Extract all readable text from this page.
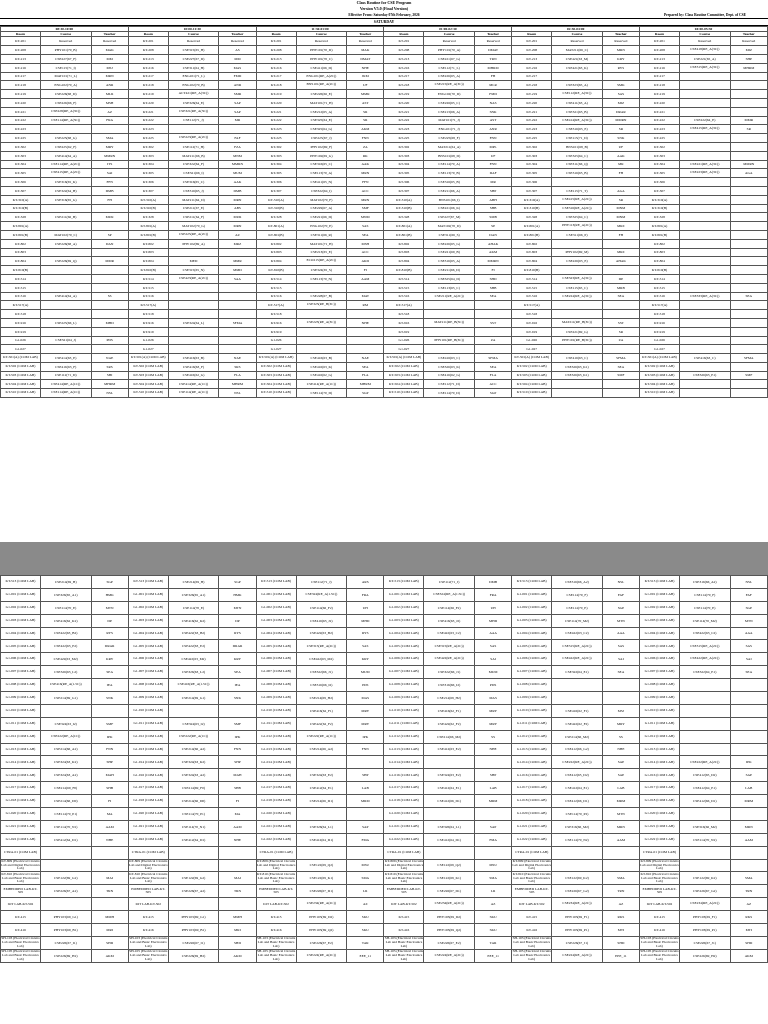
Class Routine for CSE Program
Version V5.0 (Final Version)
Effective From: Saturday 07th February, 2026	Prepared by: Class Routine Committee, Dept. of CSE
SATURDAY
08:30-10:00			10:00-11:30			11:30-01:00			01:00-02:30			02:30-04:00			04:00-05:30		
Room	Course	Teacher	Room	Course	Teacher	Room	Course	Teacher	Room	Course	Teacher	Room	Course	Teacher	Room	Course	Teacher
KT-201	Reserved	Reserved	KT-201	Reserved	Reserved	KT-201	Reserved	Reserved	KT-201	Reserved	Reserved	KT-201	Reserved	Reserved	KT-201	Reserved	Reserved
KT-208	PHY101(70_B)	MAK	KT-208	CSE315(65_H)	AS	KT-208	PHY101(70_D)	MAK	KT-208	PHY101(70_A)	DMAT	KT-208	MAT211(66_C)	MRN	KT-208	CSE418(RE_A(3C))	MIZ
KT-213	CSE227(67_F)	MM	KT-213	CSE227(67_D)	MM	KT-213	PHY101(70_C)	DMAT	KT-213	CSE221(67_G)	TRN	KT-213	CSE421(63_M)	KRY	KT-213	CSE221(65_A)	SHP
KT-216	CSE115(71_I)	MSJ	KT-216	CSE311(64_H)	MAS	KT-216	CSE411(66_D)	NHE	KT-216	CSE112(71_L)	MHRM	KT-216	CSE421(63_K)	RYS	KT-216	CSE315(RE_A(3C))	MHRM
KT-217	MAT101(71_L)	MRN	KT-217	ENG101(71_L)	FMD	KT-217	ENG101(RE_A(2C))	JRM	KT-217	CSE226(65_A)	FH	KT-217			KT-217		
KT-218	ENG102(70_A)	ANR	KT-218	ENG102(70_B)	ANR	KT-218	BNS101(RE_A(2C))	UF	KT-218	CSE215(RE_A(3C))	MLR	KT-218	CSE323(65_A)	SMK	KT-218		
KT-219	CSE226(68_D)	MLR	KT-219	ACT421(RE_A(3C))	SMR	KT-219	CSE226(66_E)	MMR	KT-219	ENG102(70_D)	FMD	KT-219	CSE112(RE_A(3C))	SAS	KT-219		
KT-220	CSE226(66_F)	MSH	KT-220	CSE326(64_E)	SAP	KT-220	MAT101(71_H)	AST	KT-220	CSE226(65_C)	NAS	KT-220	CSE411(63_A)	MIZ	KT-220		
KT-221	CSE228(RE_A(3C))	AZ	KT-221	CSE321(RE_A(3C))	SAP	KT-221	CSE212(65_A)	SR	KT-221	CSE213(66_A)	SNK	KT-221	CSE321(65_B)	DRAR	KT-221		
KT-222	CSE114(RE_A(3C))	FRA	KT-222	CSE112(71_J)	MR	KT-222	CSE325(64_E)	SR	KT-222	MAT101(71_J)	AST	KT-222	CSE414(RE_A(3C))	MMRN	KT-222	CSE222(64_E)	MMR
KT-223			KT-223			KT-223	CSE325(64_G)	AKM	KT-223	ENG101(71_J)	ANR	KT-223	CSE316(65_E)	SR	KT-223	CSE415(RE_A(3C))	SR
KT-225	CSE225(68_G)	SMA	KT-225	CSE223(RE_A(2C))	FAF	KT-225	CSE225(67_J)	FNN	KT-225	CSE225(68_F)	FNN	KT-225	CSE115(71_D)	SNK	KT-225		
KT-302	CSE225(62_F)	MRY	KT-302	CSE112(71_H)	FZA	KT-302	PHY102(69_F)	ZA	KT-302	MAT211(64_A)	MPL	KT-302	BNS101(68_B)	UF	KT-302		
KT-303	CSE414(64_A)	MMRN	KT-303	MAT211(66_B)	MNM	KT-303	PHY102(69_G)	RK	KT-303	BNS101(68_D)	UF	KT-303	CSE325(64_C)	AAK	KT-303		
KT-304	CSE114(RE_A(2C))	ITS	KT-304	CSE322(64_F)	MMRN	KT-304	CSE316(65_C)	AAK	KT-304	CSE114(70_A)	FNN	KT-304	CSE311(66_Q)	MR	KT-304	CSE221(RE_A(3C))	MMRN
KT-305	CSE415(RE_A(2C))	SAI	KT-305	CSE321(66_I)	MUM	KT-305	CSE113(70_A)	MRN	KT-305	CSE113(70_B)	DAF	KT-305	CSE316(65_B)	FH	KT-305	CSE223(RE_A(3C))	AGA
KT-306	CSE316(65_K)	FFN	KT-306	CSE316(65_C)	AAK	KT-306	CSE411(65_N)	FFN	KT-306	CSE316(65_B)	MR	KT-306			KT-306		
KT-307	CSE322(64_H)	DMB	KT-307	CSE316(65_J)	DMB	KT-307	CSE322(64_I)	ACC	KT-307	CSE211(66_A)	SHP	KT-307	CSE115(71_T)	AGA	KT-307		
KT-310(A)	CSE316(65_G)	FH	KT-310(A)	MAT211(64_D)	MRN	KT-310(A)	MAT102(70_F)	MRN	KT-310(A)	BNS101(66_I)	ABH	KT-310(A)	CSE415(RE_A(2C))	SR	KT-310(A)		
KT-310(B)			KT-310(B)	CSE211(67_E)	ABS	KT-310(B)	CSE229(67_A)	SMF	KT-310(B)	CSE221(66_K)	SHB	KT-310(B)	CSE316(RE_A(2C))	MNM	KT-310(B)		
KT-328	CSE211(66_B)	MUR	KT-328	CSE211(64_F)	MUR	KT-328	CSE221(66_D)	MNM	KT-328	CSE227(67_M)	SMB	KT-328	CSE325(64_C)	MNM	KT-328		
KT-801(A)			KT-801(A)	MAT102(70_G)	MRN	KT-801(A)	ENG102(70_E)	SAS	KT-801(A)	MAT102(70_D)	SP	KT-801(A)	PHY113(RE_A(2C))	MRZ	KT-801(A)		
KT-801(B)	MAT102(70_C)	SP	KT-801(B)	CSE225(RE_A(2C))	AZ	KT-801(B)	CSE311(66_R)	SEA	KT-801(B)	CSE311(66_S)	DAN	KT-801(B)	CSE311(66_P)	FH	KT-801(B)		
KT-802	CSE226(68_A)	DAN	KT-802	PHY102(69_A)	MRZ	KT-802	MAT101(71_H)	MSH	KT-802	CSE226(65_G)	AHAK	KT-802			KT-802		
KT-803			KT-803			KT-803	CSE213(65_E)	ACC	KT-803	CSE221(69_B)	AKM	KT-803	PHY102(69_M)	MRZ	KT-803		
KT-804	CSE226(69_Q)	MMR	KT-804	MED	MMR	KT-804	ECO215(RE_A(2C))	AKD	KT-804	CSE316(65_A)	MMRN	KT-804	CSE226(65_E)	AHAK	KT-804		
KT-810(B)			KT-810(B)	CSE315(65_N)	MMD	KT-810(B)	CSE324(65_S)	FI	KT-810(B)	CSE211(66_D)	FI	KT-810(B)			KT-810(B)		
KT-514			KT-514	CSE423(RE_A(2C))	SAA	KT-514	CSE113(70_N)	AAM	KT-514	CSE325(64_D)	SHD	KT-514	CSE323(RE_A(3C))	DP	KT-514		
KT-515			KT-515			KT-515			KT-515	CSE113(65_C)	SHB	KT-515	CSE115(65_C)	MRB	KT-515		
KT-516	CSE414(64_A)	SS	KT-516			KT-516	CSE228(67_B)	MAT	KT-516	CSE211(RE_A(2C))	SEA	KT-516	CSE224(RE_A(3C))	SEA	KT-516	CSE333(RE_A(3C))	SEA
KT-517(A)			KT-517(A)			KT-517(A)	CSE325(RE_B(3C))	RM	KT-517(A)			KT-517(A)			KT-517(A)		
KT-518			KT-518			KT-518			KT-518			KT-518			KT-518		
KT-916	CSE225(66_L)	MHD	KT-916	CSE324(64_L)	SFMA	KT-916	CSE223(RE_A(3C))	NHE	KT-916	MAT211(RE_B(3C))	SST	KT-916	MAT211(RE_B(3C))	SST	KT-916		
KT-919			KT-919			KT-919			KT-919			KT-919	CSE221(69_G)	SR	KT-919		
G1-026	CSE321(64_J)	PDS	G1-026			G1-026			G1-026	PHY101(RE_B(3C))	ZA	G1-026	PHY101(RE_B(3C))	ZA	G1-026		
G1-027			G1-027			G1-027			G1-027			G1-027			G1-027		
KT-501(A) (COM LAB)	CSE414(63_E)	NAE	KT-501(A) (COM LAB)	CSE416(63_B)	NAE	KT-501(A) (COM LAB)	CSE416(63_B)	NAE	KT-501(A) (COM LAB)	CSE416(63_C)	SFMA	KT-501(A) (COM LAB)	CSE416(63_C)	SFMA	KT-501(A) (COM LAB)	CSE416(63_C)	SFMA
KT-502 (COM LAB)	CSE416(63_F)	SRS	KT-502 (COM LAB)	CSE416(63_F)	SRS	KT-502 (COM LAB)	CSE416(63_K)	SEA	KT-502 (COM LAB)	CSE326(63_K)	SEA	KT-502 (COM LAB)	CSE326(63_K1)	SEA	KT-502 (COM LAB)		
KT-503 (COM LAB)	CSE112(71_D)	SBI	KT-503 (COM LAB)	CSE416(62_G)	FLA	KT-503 (COM LAB)	CSE416(62_G)	FLA	KT-503 (COM LAB)	CSE416(62_G)	FLA	KT-503 (COM LAB)	CSE326(63_K1)	SMF	KT-503 (COM LAB)	CSE326(63_E1)	SMF
KT-504 (COM LAB)	CSE414(RE_A(1C))	MHRM	KT-504 (COM LAB)	CSE414(RE_A(1C))	MHRM	KT-504 (COM LAB)	CSE414(RE_A(1C))	MHRM	KT-504 (COM LAB)	CSE112(71_D)	ACC	KT-504 (COM LAB)			KT-504 (COM LAB)		
KT-510 (COM LAB)	CSE114(RE_A(1C))	NSL	KT-510 (COM LAB)	CSE114(RE_A(1C))	NSL	KT-510 (COM LAB)	CSE114(70_D)	SGP	KT-510 (COM LAB)	CSE114(70_D)	SGP	KT-510 (COM LAB)			KT-510 (COM LAB)		
KT-513 (COM LAB)	CSE214(69_H)	SGP	KT-513 (COM LAB)	CSE214(69_H)	SGP	KT-513 (COM LAB)	CSE112(71_J)	ARS	KT-513 (COM LAB)	CSE112(71_J)	DMB	KT-513 (COM LAB)	CSE316(66_A2)	NSL	KT-513 (COM LAB)	CSE316(66_A2)	NSL
G1-001 (COM LAB)	CSE326(65_A1)	HMK	G1-001 (COM LAB)	CSE326(65_A1)	HMK	G1-001 (COM LAB)	CSE324(RE_A(1.5C))	FRA	G1-001 (COM LAB)	CSE324(RE_A(1.5C))	FRA	G1-001 (COM LAB)	CSE114(70_F)	FAF	G1-001 (COM LAB)	CSE114(70_F)	FAF
G1-002 (COM LAB)	CSE114(70_E)	MTN	G1-002 (COM LAB)	CSE114(70_E)	MTN	G1-002 (COM LAB)	CSE114(66_F2)	UH	G1-002 (COM LAB)	CSE114(66_F2)	UH	G1-002 (COM LAB)	CSE114(70_E)	SGP	G1-002 (COM LAB)	CSE114(70_E)	SGP
G1-003 (COM LAB)	CSE416(62_K2)	DP	G1-003 (COM LAB)	CSE416(62_K2)	DP	G1-003 (COM LAB)	CSE416(63_J2)	MHD	G1-003 (COM LAB)	CSE416(63_J2)	MHD	G1-003 (COM LAB)	CSE114(70_M2)	MTN	G1-003 (COM LAB)	CSE114(70_M2)	MTN
G1-004 (COM LAB)	CSE422(63_B2)	RYS	G1-004 (COM LAB)	CSE422(63_B2)	RYS	G1-004 (COM LAB)	CSE422(63_B2)	RYS	G1-004 (COM LAB)	CSE422(63_C2)	AAA	G1-004 (COM LAB)	CSE422(63_C2)	AAA	G1-004 (COM LAB)	CSE422(63_C2)	AAA
G1-005 (COM LAB)	CSE422(63_E2)	DRAR	G1-005 (COM LAB)	CSE422(63_E2)	DRAR	G1-005 (COM LAB)	CSE315(RE_A(2C))	SAS	G1-005 (COM LAB)	CSE315(RE_A(2C))	SAS	G1-005 (COM LAB)	CSE315(RE_A(2C))	SAS	G1-005 (COM LAB)	CSE315(RE_A(2C))	SAS
G1-006 (COM LAB)	CSE422(63_M2)	KRY	G1-006 (COM LAB)	CSE422(63_M2)	KRY	G1-006 (COM LAB)	CSE422(63_M2)	KRY	G1-006 (COM LAB)	CSE422(RE_A(2C))	SAI	G1-006 (COM LAB)	CSE422(RE_A(2C))	SAI	G1-006 (COM LAB)	CSE422(RE_A(2C))	SAI
G1-007 (COM LAB)	CSE326(63_L2)	SEA	G1-007 (COM LAB)	CSE326(63_L2)	SEA	G1-007 (COM LAB)	CSE322(66_J1)	MUM	G1-007 (COM LAB)	CSE322(66_J1)	MUM	G1-007 (COM LAB)	CSE322(64_E1)	SEA	G1-007 (COM LAB)	CSE322(64_E1)	SEA
G1-008 (COM LAB)	CSE416(RE_A(1.5C))	IEA	G1-008 (COM LAB)	CSE416(RE_A(1.5C))	IEA	G1-008 (COM LAB)	CSE316(66_I2)	PDS	G1-008 (COM LAB)	CSE316(66_I2)	PDS	G1-008 (COM LAB)			G1-008 (COM LAB)		
G1-009 (COM LAB)	CSE214(69_G1)	SNK	G1-009 (COM LAB)	CSE214(69_G1)	SNK	G1-009 (COM LAB)	CSE214(69_H2)	MAS	G1-009 (COM LAB)	CSE214(69_H2)	MAS	G1-009 (COM LAB)			G1-009 (COM LAB)		
G1-010 (COM LAB)			G1-010 (COM LAB)			G1-010 (COM LAB)	CSE416(62_F1)	MRY	G1-010 (COM LAB)	CSE416(62_F1)	MRY	G1-010 (COM LAB)	CSE416(62_F1)	MSJ	G1-010 (COM LAB)		
G1-011 (COM LAB)	CSE324(63_I2)	SMF	G1-011 (COM LAB)	CSE324(63_I2)	SMF	G1-011 (COM LAB)	CSE422(62_F2)	MRY	G1-011 (COM LAB)	CSE422(62_F2)	MRY	G1-011 (COM LAB)	CSE422(62_F2)	MRY	G1-011 (COM LAB)		
G1-012 (COM LAB)	CSE222(RE_A(1C))	IPK	G1-012 (COM LAB)	CSE222(RE_A(1C))	IPK	G1-012 (COM LAB)	CSE222(RE_A(1C))	IPK	G1-012 (COM LAB)	CSE214(66_M2)	SS	G1-012 (COM LAB)	CSE214(66_M2)	SS	G1-012 (COM LAB)		
G1-013 (COM LAB)	CSE214(66_A2)	FNN	G1-013 (COM LAB)	CSE214(66_A2)	FNN	G1-013 (COM LAB)	CSE214(66_A2)	FNN	G1-013 (COM LAB)	CSE412(63_E2)	NHE	G1-013 (COM LAB)	CSE412(66_G2)	NHE	G1-013 (COM LAB)		
G1-014 (COM LAB)	CSE324(63_K2)	SHP	G1-014 (COM LAB)	CSE324(63_K2)	SHP	G1-014 (COM LAB)			G1-014 (COM LAB)			G1-014 (COM LAB)	CSE222(RE_A(2C))	SAP	G1-014 (COM LAB)	CSE222(RE_A(2C))	IPK
G1-016 (COM LAB)	CSE324(63_A2)	MAH	G1-016 (COM LAB)	CSE324(63_A2)	MAH	G1-016 (COM LAB)	CSE324(63_E2)	SHP	G1-016 (COM LAB)	CSE324(63_E2)	SHP	G1-016 (COM LAB)	CSE412(65_D2)	SAP	G1-016 (COM LAB)	CSE412(65_D2)	SAP
G1-017 (COM LAB)	CSE214(69_F0)	SHB	G1-017 (COM LAB)	CSE214(69_F0)	SHB	G1-017 (COM LAB)	CSE412(64_E1)	LAB	G1-017 (COM LAB)	CSE412(64_E1)	LAB	G1-017 (COM LAB)	CSE412(64_E1)	LAB	G1-017 (COM LAB)	CSE412(64_E1)	LAB
G1-018 (COM LAB)	CSE214(66_D0)	FI	G1-018 (COM LAB)	CSE214(66_D0)	FI	G1-018 (COM LAB)	CSE214(66_D1)	MRM	G1-018 (COM LAB)	CSE412(66_D1)	MRM	G1-018 (COM LAB)	CSE412(66_D1)	MRM	G1-018 (COM LAB)	CSE412(66_D1)	MRM
G1-020 (COM LAB)	CSE114(70_P1)	MA	G1-020 (COM LAB)	CSE114(70_P1)	MA	G1-020 (COM LAB)			G1-020 (COM LAB)			G1-020 (COM LAB)	CSE114(70_P2)	MTN	G1-020 (COM LAB)		
G1-021 (COM LAB)	CSE114(70_N1)	AAM	G1-021 (COM LAB)	CSE114(70_N1)	AAM	G1-021 (COM LAB)	CSE326(64_L1)	SAP	G1-021 (COM LAB)	CSE326(64_L1)	SAP	G1-021 (COM LAB)	CSE316(66_M2)	MRN	G1-021 (COM LAB)	CSE316(66_M2)	MRN
G1-022 (COM LAB)	CSE412(64_D1)	NHE	G1-022 (COM LAB)	CSE412(64_D1)	NHE	G1-022 (COM LAB)	CSE412(64_D1)	FMA	G1-022 (COM LAB)	CSE412(64_D1)	FMA	G1-022 (COM LAB)	CSE114(70_N2)	AAM	G1-022 (COM LAB)	CSE114(70_N2)	AAM
CTRA-01 (COM LAB)			CTRA-01 (COM LAB)			CTRA-01 (COM LAB)			CTRA-01 (COM LAB)			CTRA-01 (COM LAB)			CTRA-01 (COM LAB)		
KT-809 (Electrical Circuits Lab and Digital Electronics Lab)			KT-809 (Electrical Circuits Lab and Digital Electronics Lab)			KT-809 (Electrical Circuits Lab and Digital Electronics Lab)	CSE122(69_Q2)	MSU	KT-809 (Electrical Circuits Lab and Digital Electronics Lab)	CSE122(69_Q2)	MSU	KT-809 (Electrical Circuits Lab and Digital Electronics Lab)			KT-809 (Electrical Circuits Lab and Digital Electronics Lab)		
KT-810 (Electrical Circuits Lab and Basic Electronics Lab)	CSE122(69_G2)	MAI	KT-810 (Electrical Circuits Lab and Basic Electronics Lab)	CSE122(69_G2)	MAI	KT-810 (Electrical Circuits Lab and Basic Electronics Lab)	CSE122(69_K1)	SMA	KT-810 (Electrical Circuits Lab and Basic Electronics Lab)	CSE122(69_K1)	SMA	KT-810 (Electrical Circuits Lab and Basic Electronics Lab)	CSE122(69_K2)	SMA	KT-810 (Electrical Circuits Lab and Basic Electronics Lab)	CSE122(69_K2)	SMA
EMBEDDED LAB-KT-505	CSE226(67_A2)	TRN	EMBEDDED LAB-KT-505	CSE226(67_A2)	TRN	EMBEDDED LAB-KT-505	CSE226(67_D1)	LR	EMBEDDED LAB-KT-505	CSE226(67_D1)	LR	EMBEDDED LAB-KT-505	CSE226(67_G2)	TRN	EMBEDDED LAB-KT-505	CSE226(67_G2)	TRN
IOT LAB-KT-502			IOT LAB-KT-502			IOT LAB-KT-502	CSE234(RE_A(2C))	AZ	IOT LAB-KT-502	CSE234(RE_A(2C))	AZ	IOT LAB-KT-502	CSE234(RE_A(2C))	AZ	IOT LAB-KT-502	CSE234(RE_A(2C))	AZ
KT-415	PHY103(69_G1)	MMH	KT-415	PHY103(69_G1)	MMH	KT-415	PHY103(69_D2)	SKU	KT-415	PHY103(69_D2)	SKU	KT-415	PHY103(69_F1)	RKS	KT-415	PHY103(69_F1)	RKS
KT-416	PHY103(69_B1)	MRI	KT-416	PHY103(69_B1)	MRI	KT-416	PHY103(69_Q2)	SKU	KT-416	PHY103(69_Q2)	SKU	KT-416	PHY103(69_P1)	MTI	KT-416	PHY103(69_P1)	MTI
SH-103 (Electrical Circuits Lab and Basic Electronics Lab)	CSE226(67_I1)	SHD	SH-103 (Electrical Circuits Lab and Basic Electronics Lab)	CSE226(67_I1)	SHD	SH-103 (Electrical Circuits Lab and Basic Electronics Lab)	CSE226(67_E2)	TAR	SH-103 (Electrical Circuits Lab and Basic Electronics Lab)	CSE226(67_E2)	TAR	SH-103 (Electrical Circuits Lab and Basic Electronics Lab)	CSE226(67_J1)	SHD	SH-103 (Electrical Circuits Lab and Basic Electronics Lab)	CSE226(67_J1)	SHD
SH-105 (Electrical Circuits Lab and Basic Electronics Lab)	CSE226(69_H2)	AKM	SH-105 (Electrical Circuits Lab and Basic Electronics Lab)	CSE226(69_H2)	AKM	SH-105 (Electrical Circuits Lab and Basic Electronics Lab)	CSE224(RE_A(2C))	EEE_11	SH-105 (Electrical Circuits Lab and Basic Electronics Lab)	CSE224(RE_A(2C))	EEE_11	SH-105 (Electrical Circuits Lab and Basic Electronics Lab)	CSE224(RE_A(2C))	EEE_11	SH-105 (Electrical Circuits Lab and Basic Electronics Lab)	CSE226(69_H2)	AKM
